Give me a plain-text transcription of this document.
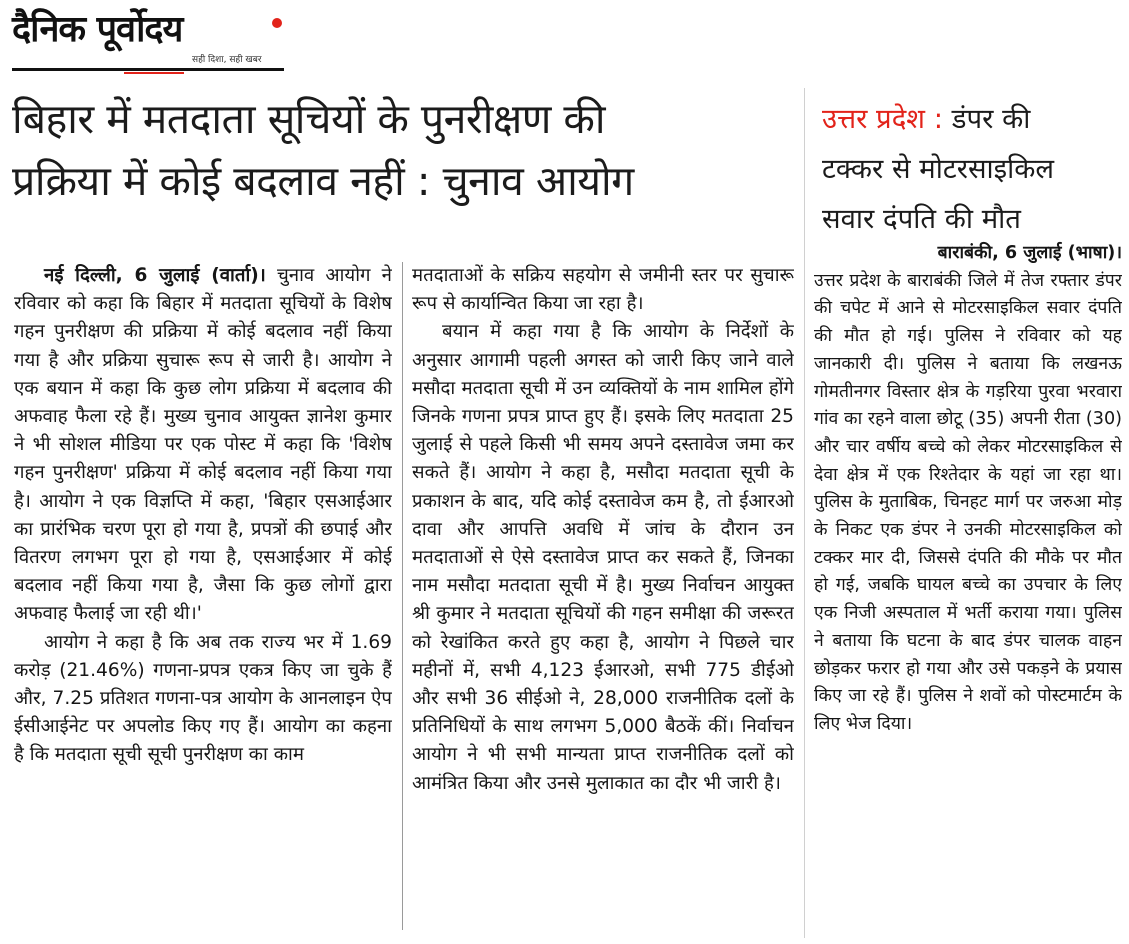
दैनिक पूर्वोदय
सही दिशा, सही खबर
बिहार में मतदाता सूचियों के पुनरीक्षण की
प्रक्रिया में कोई बदलाव नहीं : चुनाव आयोग

नई दिल्ली, 6 जुलाई (वार्ता)। चुनाव आयोग ने रविवार को कहा कि बिहार में मतदाता सूचियों के विशेष गहन पुनरीक्षण की प्रक्रिया में कोई बदलाव नहीं किया गया है और प्रक्रिया सुचारू रूप से जारी है। आयोग ने एक बयान में कहा कि कुछ लोग प्रक्रिया में बदलाव की अफवाह फैला रहे हैं। मुख्य चुनाव आयुक्त ज्ञानेश कुमार ने भी सोशल मीडिया पर एक पोस्ट में कहा कि 'विशेष गहन पुनरीक्षण' प्रक्रिया में कोई बदलाव नहीं किया गया है। आयोग ने एक विज्ञप्ति में कहा, 'बिहार एसआईआर का प्रारंभिक चरण पूरा हो गया है, प्रपत्रों की छपाई और वितरण लगभग पूरा हो गया है, एसआईआर में कोई बदलाव नहीं किया गया है, जैसा कि कुछ लोगों द्वारा अफवाह फैलाई जा रही थी।'

आयोग ने कहा है कि अब तक राज्य भर में 1.69 करोड़ (21.46%) गणना-प्रपत्र एकत्र किए जा चुके हैं और, 7.25 प्रतिशत गणना-पत्र आयोग के आनलाइन ऐप ईसीआईनेट पर अपलोड किए गए हैं। आयोग का कहना है कि मतदाता सूची सूची पुनरीक्षण का काम

मतदाताओं के सक्रिय सहयोग से जमीनी स्तर पर सुचारू रूप से कार्यान्वित किया जा रहा है।

बयान में कहा गया है कि आयोग के निर्देशों के अनुसार आगामी पहली अगस्त को जारी किए जाने वाले मसौदा मतदाता सूची में उन व्यक्तियों के नाम शामिल होंगे जिनके गणना प्रपत्र प्राप्त हुए हैं। इसके लिए मतदाता 25 जुलाई से पहले किसी भी समय अपने दस्तावेज जमा कर सकते हैं। आयोग ने कहा है, मसौदा मतदाता सूची के प्रकाशन के बाद, यदि कोई दस्तावेज कम है, तो ईआरओ दावा और आपत्ति अवधि में जांच के दौरान उन मतदाताओं से ऐसे दस्तावेज प्राप्त कर सकते हैं, जिनका नाम मसौदा मतदाता सूची में है। मुख्य निर्वाचन आयुक्त श्री कुमार ने मतदाता सूचियों की गहन समीक्षा की जरूरत को रेखांकित करते हुए कहा है, आयोग ने पिछले चार महीनों में, सभी 4,123 ईआरओ, सभी 775 डीईओ और सभी 36 सीईओ ने, 28,000 राजनीतिक दलों के प्रतिनिधियों के साथ लगभग 5,000 बैठकें कीं। निर्वाचन आयोग ने भी सभी मान्यता प्राप्त राजनीतिक दलों को आमंत्रित किया और उनसे मुलाकात का दौर भी जारी है।

उत्तर प्रदेश : डंपर की
टक्कर से मोटरसाइकिल
सवार दंपति की मौत

बाराबंकी, 6 जुलाई (भाषा)।

उत्तर प्रदेश के बाराबंकी जिले में तेज रफ्तार डंपर की चपेट में आने से मोटरसाइकिल सवार दंपति की मौत हो गई। पुलिस ने रविवार को यह जानकारी दी। पुलिस ने बताया कि लखनऊ गोमतीनगर विस्तार क्षेत्र के गड़रिया पुरवा भरवारा गांव का रहने वाला छोटू (35) अपनी रीता (30) और चार वर्षीय बच्चे को लेकर मोटरसाइकिल से देवा क्षेत्र में एक रिश्तेदार के यहां जा रहा था। पुलिस के मुताबिक, चिनहट मार्ग पर जरुआ मोड़ के निकट एक डंपर ने उनकी मोटरसाइकिल को टक्कर मार दी, जिससे दंपति की मौके पर मौत हो गई, जबकि घायल बच्चे का उपचार के लिए एक निजी अस्पताल में भर्ती कराया गया। पुलिस ने बताया कि घटना के बाद डंपर चालक वाहन छोड़कर फरार हो गया और उसे पकड़ने के प्रयास किए जा रहे हैं। पुलिस ने शवों को पोस्टमार्टम के लिए भेज दिया।
